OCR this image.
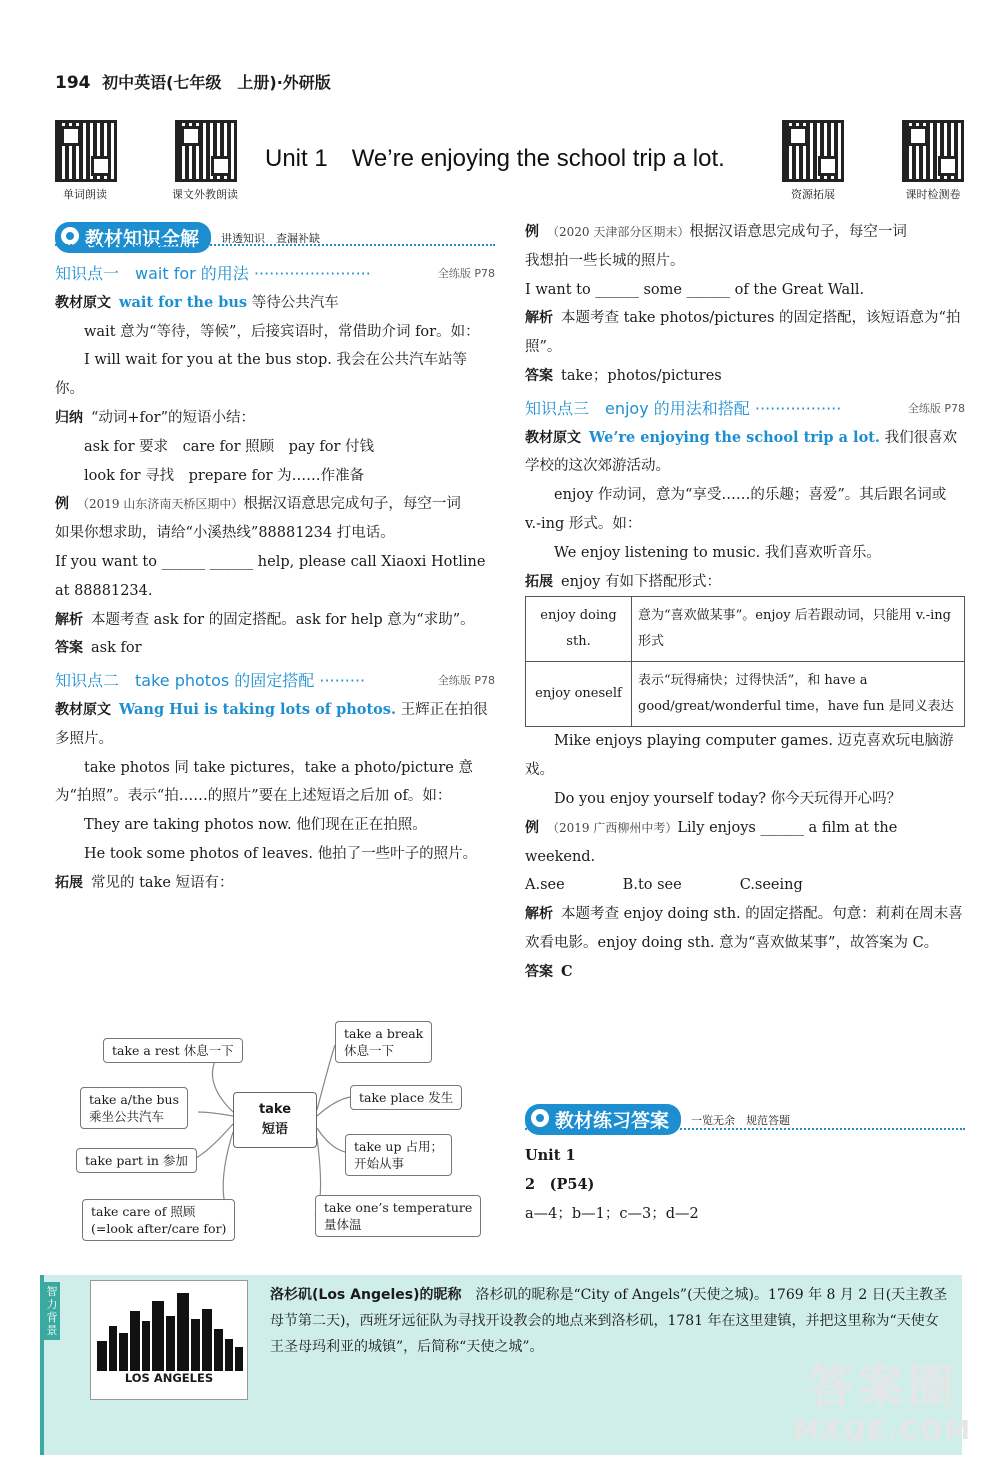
194 初中英语(七年级　上册)·外研版
单词朗读	课文外教朗读	资源拓展	课时检测卷
Unit 1　We’re enjoying the school trip a lot.
教材知识全解	讲透知识　查漏补缺
知识点一　wait for 的用法 ·······················	全练版 P78

教材原文 wait for the bus 等待公共汽车

wait 意为“等待，等候”，后接宾语时，常借助介词 for。如：

I will wait for you at the bus stop. 我会在公共汽车站等你。

归纳 “动词+for”的短语小结：

ask for 要求　care for 照顾　pay for 付钱

look for 寻找　prepare for 为……作准备

例 （2019 山东济南天桥区期中）根据汉语意思完成句子，每空一词

如果你想求助，请给“小溪热线”88881234 打电话。

If you want to ______ ______ help, please call Xiaoxi Hotline at 88881234.

解析 本题考查 ask for 的固定搭配。ask for help 意为“求助”。

答案 ask for

知识点二　take photos 的固定搭配 ·········	全练版 P78

教材原文 Wang Hui is taking lots of photos. 王辉正在拍很多照片。

take photos 同 take pictures，take a photo/picture 意为“拍照”。表示“拍……的照片”要在上述短语之后加 of。如：

They are taking photos now. 他们现在正在拍照。

He took some photos of leaves. 他拍了一些叶子的照片。

拓展 常见的 take 短语有：

take
短语
take a rest 休息一下
take a/the bus
乘坐公共汽车
take part in 参加
take care of 照顾
(=look after/care for)
take a break
休息一下
take place 发生
take up 占用；
开始从事
take one’s temperature
量体温

例 （2020 天津部分区期末）根据汉语意思完成句子，每空一词

我想拍一些长城的照片。

I want to ______ some ______ of the Great Wall.

解析 本题考查 take photos/pictures 的固定搭配，该短语意为“拍照”。

答案 take；photos/pictures

知识点三　enjoy 的用法和搭配 ·················	全练版 P78

教材原文 We’re enjoying the school trip a lot. 我们很喜欢学校的这次郊游活动。

enjoy 作动词，意为“享受……的乐趣；喜爱”。其后跟名词或 v.-ing 形式。如：

We enjoy listening to music. 我们喜欢听音乐。

拓展 enjoy 有如下搭配形式：

enjoy doing sth.	意为“喜欢做某事”。enjoy 后若跟动词，只能用 v.-ing 形式
enjoy oneself	表示“玩得痛快；过得快活”，和 have a good/great/wonderful time，have fun 是同义表达

Mike enjoys playing computer games. 迈克喜欢玩电脑游戏。

Do you enjoy yourself today? 你今天玩得开心吗？

例 （2019 广西柳州中考）Lily enjoys ______ a film at the weekend.

A.see　　　　B.to see　　　　C.seeing

解析 本题考查 enjoy doing sth. 的固定搭配。句意：莉莉在周末喜欢看电影。enjoy doing sth. 意为“喜欢做某事”，故答案为 C。

答案 C

教材练习答案	一览无余　规范答题

Unit 1

2　(P54)

a—4；b—1；c—3；d—2

智力背景
LOS ANGELES
洛杉矶(Los Angeles)的昵称　 洛杉矶的昵称是“City of Angels”(天使之城)。1769 年 8 月 2 日(天主教圣母节第二天)，西班牙远征队为寻找开设教会的地点来到洛杉矶，1781 年在这里建镇，并把这里称为“天使女王圣母玛利亚的城镇”，后简称“天使之城”。
答案圈
MXQE.COM
